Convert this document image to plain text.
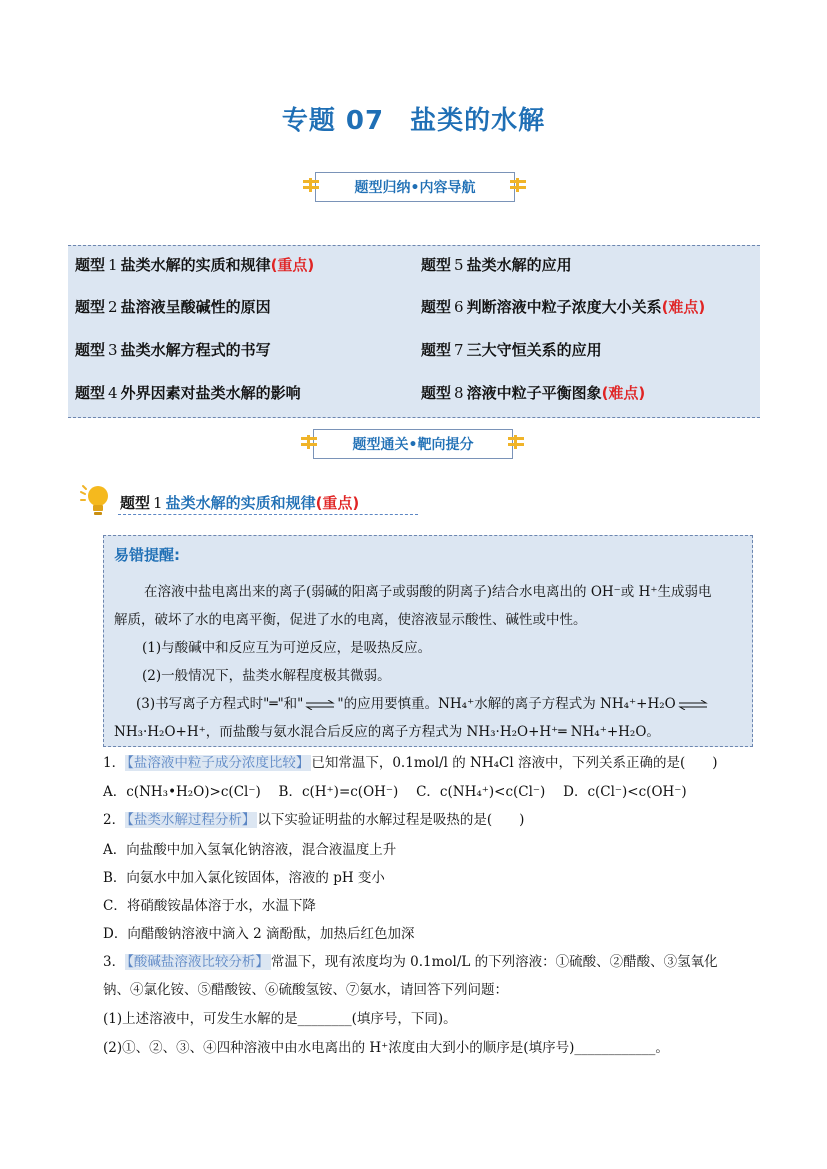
专题 07 盐类的水解
题型归纳•内容导航
题型 1 盐类水解的实质和规律(重点)
题型 2 盐溶液呈酸碱性的原因
题型 3 盐类水解方程式的书写
题型 4 外界因素对盐类水解的影响
题型 5 盐类水解的应用
题型 6 判断溶液中粒子浓度大小关系(难点)
题型 7 三大守恒关系的应用
题型 8 溶液中粒子平衡图象(难点)
题型通关•靶向提分
题型 1 盐类水解的实质和规律(重点)
易错提醒:
在溶液中盐电离出来的离子(弱碱的阳离子或弱酸的阴离子)结合水电离出的 OH⁻或 H⁺生成弱电
解质，破坏了水的电离平衡，促进了水的电离，使溶液显示酸性、碱性或中性。
(1)与酸碱中和反应互为可逆反应，是吸热反应。
(2)一般情况下，盐类水解程度极其微弱。
(3)书写离子方程式时"═"和" ⇌ "的应用要慎重。NH₄⁺水解的离子方程式为 NH₄⁺+H₂O ⇌
NH₃·H₂O+H⁺，而盐酸与氨水混合后反应的离子方程式为 NH₃·H₂O+H⁺═ NH₄⁺+H₂O。
1． 【盐溶液中粒子成分浓度比较】 已知常温下，0.1mol/l 的 NH₄Cl 溶液中，下列关系正确的是(　　)
A．c(NH₃•H₂O)>c(Cl⁻)　 B．c(H⁺)=c(OH⁻)　 C．c(NH₄⁺)<c(Cl⁻)　 D．c(Cl⁻)<c(OH⁻)
2． 【盐类水解过程分析】 以下实验证明盐的水解过程是吸热的是(　　)
A．向盐酸中加入氢氧化钠溶液，混合液温度上升
B．向氨水中加入氯化铵固体，溶液的 pH 变小
C．将硝酸铵晶体溶于水，水温下降
D．向醋酸钠溶液中滴入 2 滴酚酞，加热后红色加深
3． 【酸碱盐溶液比较分析】 常温下，现有浓度均为 0.1mol/L 的下列溶液：①硫酸、②醋酸、③氢氧化
钠、④氯化铵、⑤醋酸铵、⑥硫酸氢铵、⑦氨水，请回答下列问题：
(1)上述溶液中，可发生水解的是________(填序号，下同)。
(2)①、②、③、④四种溶液中由水电离出的 H⁺浓度由大到小的顺序是(填序号)____________。
